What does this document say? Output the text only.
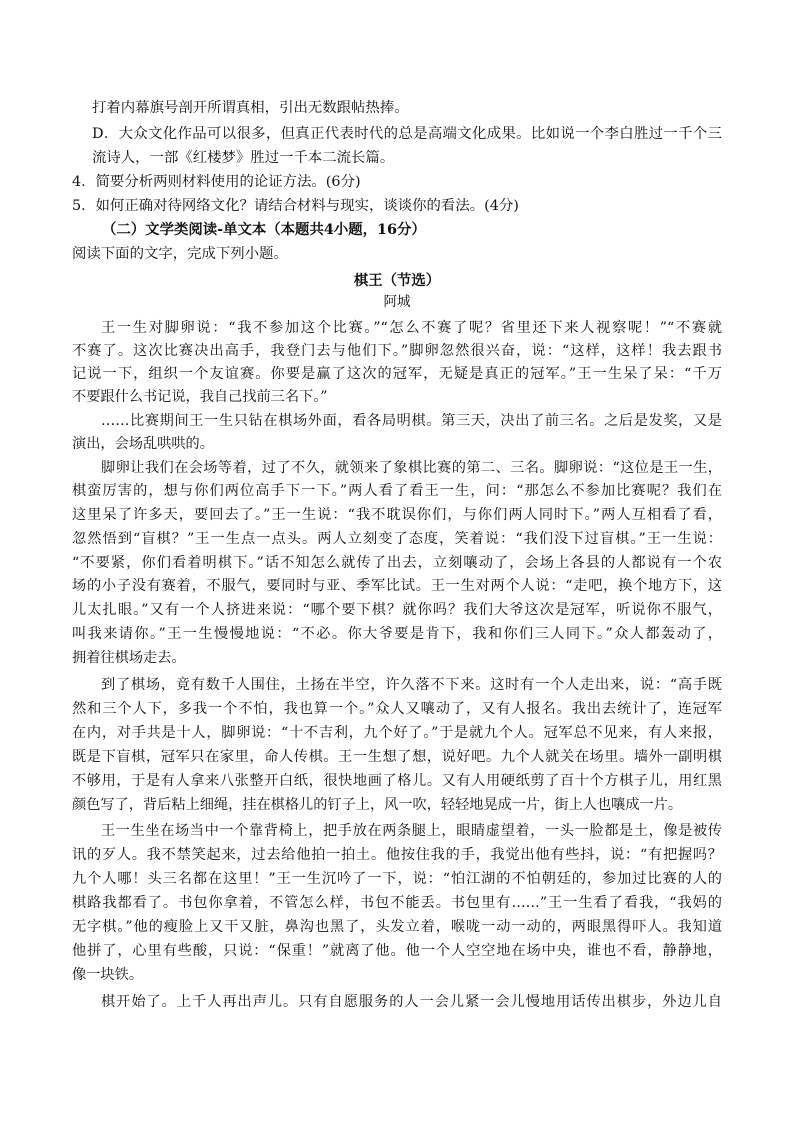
打着内幕旗号剖开所谓真相，引出无数跟帖热捧。
D．大众文化作品可以很多，但真正代表时代的总是高端文化成果。比如说一个李白胜过一千个三
流诗人，一部《红楼梦》胜过一千本二流长篇。
4．简要分析两则材料使用的论证方法。(6分)
5．如何正确对待网络文化？请结合材料与现实，谈谈你的看法。(4分)
（二）文学类阅读-单文本（本题共4小题，16分）
阅读下面的文字，完成下列小题。
棋王（节选）
阿城
王一生对脚卵说：“我不参加这个比赛。”“怎么不赛了呢？省里还下来人视察呢！”“不赛就
不赛了。这次比赛决出高手，我登门去与他们下。”脚卵忽然很兴奋，说：“这样，这样！我去跟书
记说一下，组织一个友谊赛。你要是赢了这次的冠军，无疑是真正的冠军。”王一生呆了呆：“千万
不要跟什么书记说，我自己找前三名下。”
……比赛期间王一生只钻在棋场外面，看各局明棋。第三天，决出了前三名。之后是发奖，又是
演出，会场乱哄哄的。
脚卵让我们在会场等着，过了不久，就领来了象棋比赛的第二、三名。脚卵说：“这位是王一生，
棋蛮厉害的，想与你们两位高手下一下。”两人看了看王一生，问：“那怎么不参加比赛呢？我们在
这里呆了许多天，要回去了。”王一生说：“我不耽误你们，与你们两人同时下。”两人互相看了看，
忽然悟到“盲棋？”王一生点一点头。两人立刻变了态度，笑着说：“我们没下过盲棋。”王一生说：
“不要紧，你们看着明棋下。”话不知怎么就传了出去，立刻嚷动了，会场上各县的人都说有一个农
场的小子没有赛着，不服气，要同时与亚、季军比试。王一生对两个人说：“走吧，换个地方下，这
儿太扎眼。”又有一个人挤进来说：“哪个要下棋？就你吗？我们大爷这次是冠军，听说你不服气，
叫我来请你。”王一生慢慢地说：“不必。你大爷要是肯下，我和你们三人同下。”众人都轰动了，
拥着往棋场走去。
到了棋场，竟有数千人围住，土扬在半空，许久落不下来。这时有一个人走出来，说：“高手既
然和三个人下，多我一个不怕，我也算一个。”众人又嚷动了，又有人报名。我出去统计了，连冠军
在内，对手共是十人，脚卵说：“十不吉利，九个好了。”于是就九个人。冠军总不见来，有人来报，
既是下盲棋，冠军只在家里，命人传棋。王一生想了想，说好吧。九个人就关在场里。墙外一副明棋
不够用，于是有人拿来八张整开白纸，很快地画了格儿。又有人用硬纸剪了百十个方棋子儿，用红黑
颜色写了，背后粘上细绳，挂在棋格儿的钉子上，风一吹，轻轻地晃成一片，街上人也嚷成一片。
王一生坐在场当中一个靠背椅上，把手放在两条腿上，眼睛虚望着，一头一脸都是土，像是被传
讯的歹人。我不禁笑起来，过去给他拍一拍土。他按住我的手，我觉出他有些抖，说：“有把握吗？
九个人哪！头三名都在这里！”王一生沉吟了一下，说：“怕江湖的不怕朝廷的，参加过比赛的人的
棋路我都看了。书包你拿着，不管怎么样，书包不能丢。书包里有……”王一生看了看我，“我妈的
无字棋。”他的瘦脸上又干又脏，鼻沟也黑了，头发立着，喉咙一动一动的，两眼黑得吓人。我知道
他拼了，心里有些酸，只说：“保重！”就离了他。他一个人空空地在场中央，谁也不看，静静地，
像一块铁。
棋开始了。上千人再出声儿。只有自愿服务的人一会儿紧一会儿慢地用话传出棋步，外边儿自
